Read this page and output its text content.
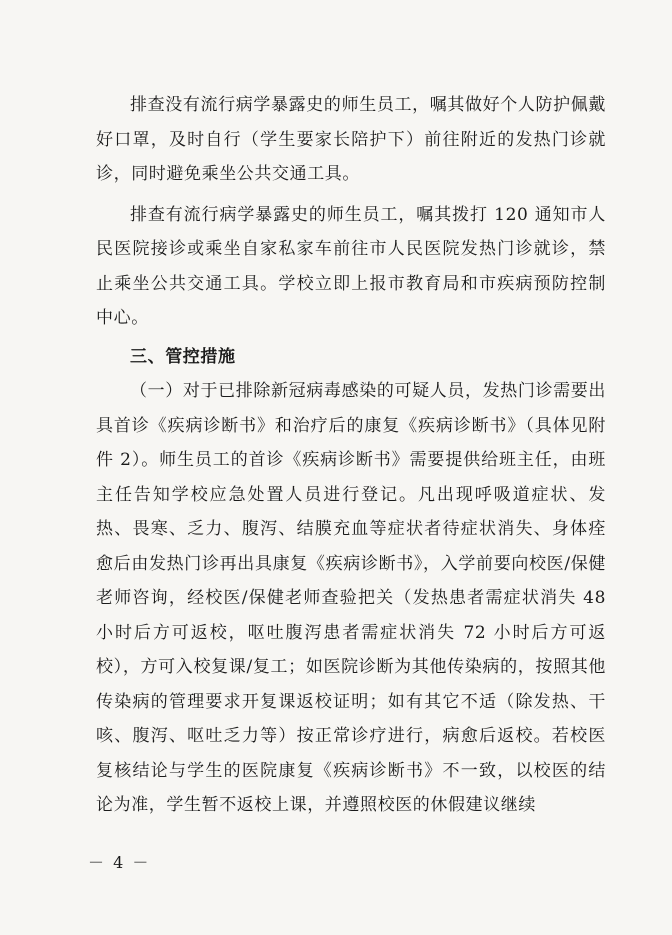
排查没有流行病学暴露史的师生员工，嘱其做好个人防护佩戴好口罩，及时自行（学生要家长陪护下）前往附近的发热门诊就诊，同时避免乘坐公共交通工具。

排查有流行病学暴露史的师生员工，嘱其拨打 120 通知市人民医院接诊或乘坐自家私家车前往市人民医院发热门诊就诊，禁止乘坐公共交通工具。学校立即上报市教育局和市疾病预防控制中心。

三、管控措施

（一）对于已排除新冠病毒感染的可疑人员，发热门诊需要出具首诊《疾病诊断书》和治疗后的康复《疾病诊断书》（具体见附件 2）。师生员工的首诊《疾病诊断书》需要提供给班主任，由班主任告知学校应急处置人员进行登记。凡出现呼吸道症状、发热、畏寒、乏力、腹泻、结膜充血等症状者待症状消失、身体痊愈后由发热门诊再出具康复《疾病诊断书》，入学前要向校医/保健老师咨询，经校医/保健老师查验把关（发热患者需症状消失 48 小时后方可返校，呕吐腹泻患者需症状消失 72 小时后方可返校），方可入校复课/复工；如医院诊断为其他传染病的，按照其他传染病的管理要求开复课返校证明；如有其它不适（除发热、干咳、腹泻、呕吐乏力等）按正常诊疗进行，病愈后返校。若校医复核结论与学生的医院康复《疾病诊断书》不一致，以校医的结论为准，学生暂不返校上课，并遵照校医的休假建议继续

－ 4 －
